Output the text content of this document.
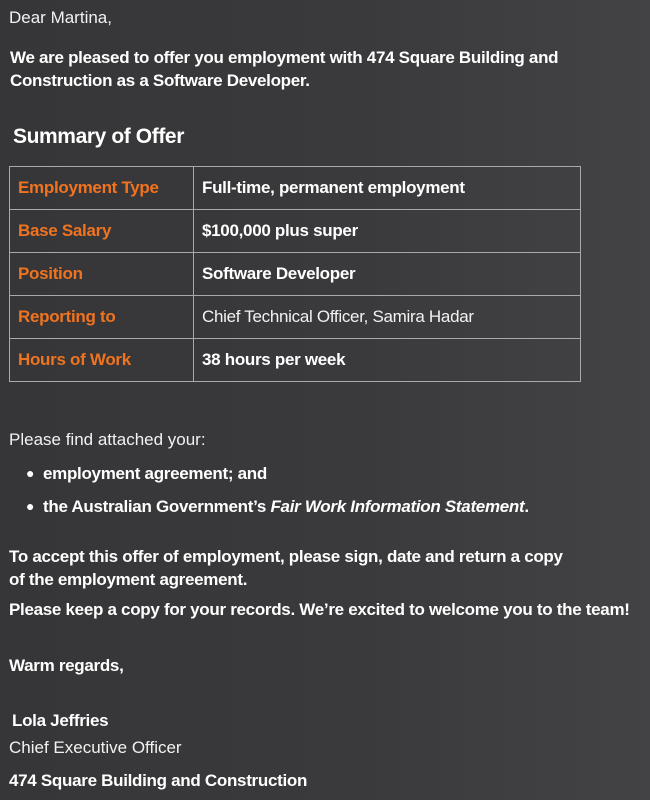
Dear Martina,
We are pleased to offer you employment with 474 Square Building and
Construction as a Software Developer.
Summary of Offer
Employment Type	Full-time, permanent employment
Base Salary	$100,000 plus super
Position	Software Developer
Reporting to	Chief Technical Officer, Samira Hadar
Hours of Work	38 hours per week
Please find attached your:
● employment agreement; and
● the Australian Government’s Fair Work Information Statement.
To accept this offer of employment, please sign, date and return a copy
of the employment agreement.
Please keep a copy for your records. We’re excited to welcome you to the team!
Warm regards,
Lola Jeffries
Chief Executive Officer
474 Square Building and Construction
